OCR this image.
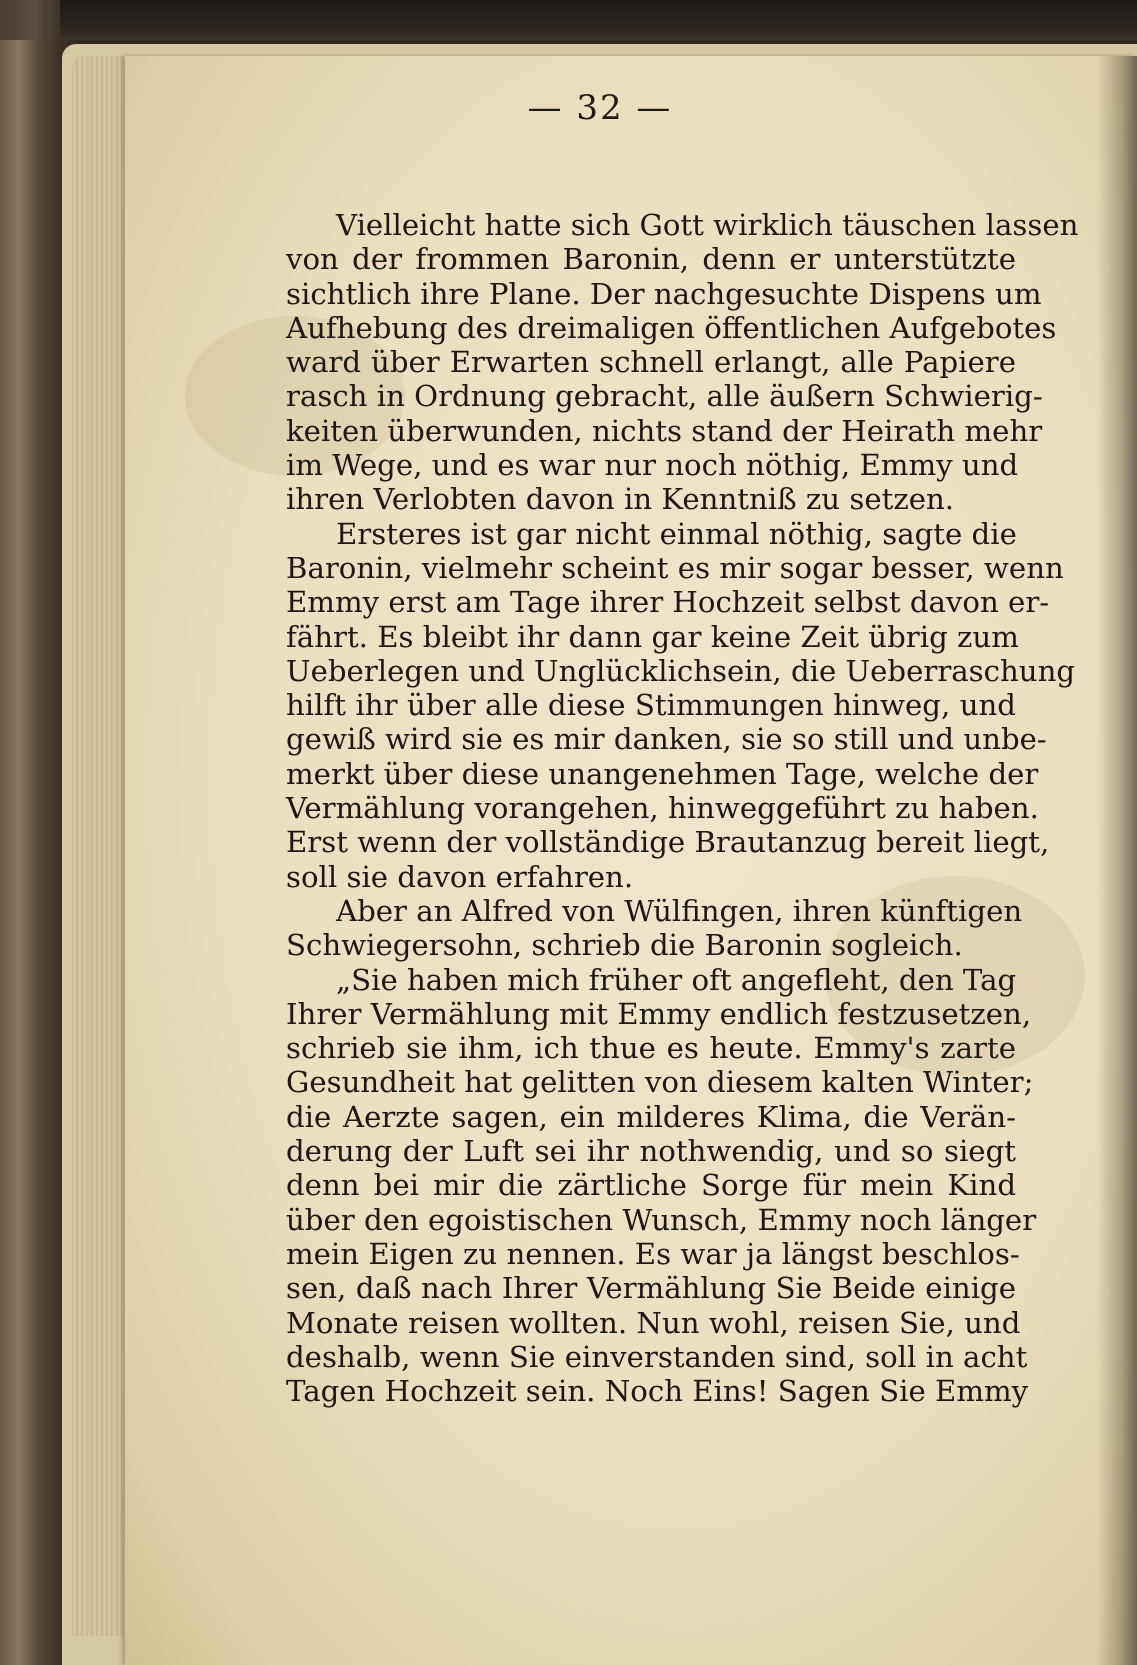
— 32 —
Vielleicht hatte sich Gott wirklich täuschen lassen
von der frommen Baronin, denn er unterstützte
sichtlich ihre Plane. Der nachgesuchte Dispens um
Aufhebung des dreimaligen öffentlichen Aufgebotes
ward über Erwarten schnell erlangt, alle Papiere
rasch in Ordnung gebracht, alle äußern Schwierig-
keiten überwunden, nichts stand der Heirath mehr
im Wege, und es war nur noch nöthig, Emmy und
ihren Verlobten davon in Kenntniß zu setzen.
Ersteres ist gar nicht einmal nöthig, sagte die
Baronin, vielmehr scheint es mir sogar besser, wenn
Emmy erst am Tage ihrer Hochzeit selbst davon er-
fährt. Es bleibt ihr dann gar keine Zeit übrig zum
Ueberlegen und Unglücklichsein, die Ueberraschung
hilft ihr über alle diese Stimmungen hinweg, und
gewiß wird sie es mir danken, sie so still und unbe-
merkt über diese unangenehmen Tage, welche der
Vermählung vorangehen, hinweggeführt zu haben.
Erst wenn der vollständige Brautanzug bereit liegt,
soll sie davon erfahren.
Aber an Alfred von Wülfingen, ihren künftigen
Schwiegersohn, schrieb die Baronin sogleich.
„Sie haben mich früher oft angefleht, den Tag
Ihrer Vermählung mit Emmy endlich festzusetzen,
schrieb sie ihm, ich thue es heute. Emmy's zarte
Gesundheit hat gelitten von diesem kalten Winter;
die Aerzte sagen, ein milderes Klima, die Verän-
derung der Luft sei ihr nothwendig, und so siegt
denn bei mir die zärtliche Sorge für mein Kind
über den egoistischen Wunsch, Emmy noch länger
mein Eigen zu nennen. Es war ja längst beschlos-
sen, daß nach Ihrer Vermählung Sie Beide einige
Monate reisen wollten. Nun wohl, reisen Sie, und
deshalb, wenn Sie einverstanden sind, soll in acht
Tagen Hochzeit sein. Noch Eins! Sagen Sie Emmy
